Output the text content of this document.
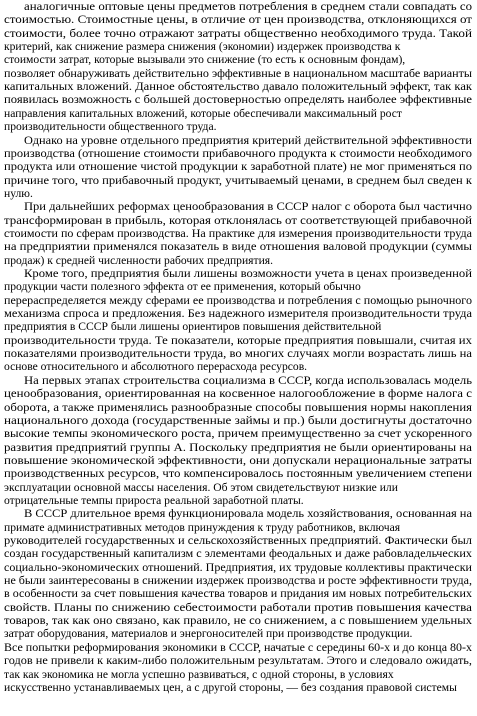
аналогичные оптовые цены предметов потребления в среднем стали совпадать со
стоимостью. Стоимостные цены, в отличие от цен производства, отклоняющихся от
стоимости, более точно отражают затраты общественно необходимого труда. Такой
критерий, как снижение размера снижения (экономии) издержек производства к
стоимости затрат, которые вызывали это снижение (то есть к основным фондам),
позволяет обнаруживать действительно эффективные в национальном масштабе варианты
капитальных вложений. Данное обстоятельство давало положительный эффект, так как
появилась возможность с большей достоверностью определять наиболее эффективные
направления капитальных вложений, которые обеспечивали максимальный рост
производительности общественного труда.
Однако на уровне отдельного предприятия критерий действительной эффективности
производства (отношение стоимости прибавочного продукта к стоимости необходимого
продукта или отношение чистой продукции к заработной плате) не мог применяться по
причине того, что прибавочный продукт, учитываемый ценами, в среднем был сведен к
нулю.
При дальнейших реформах ценообразования в СССР налог с оборота был частично
трансформирован в прибыль, которая отклонялась от соответствующей прибавочной
стоимости по сферам производства. На практике для измерения производительности труда
на предприятии применялся показатель в виде отношения валовой продукции (суммы
продаж) к средней численности рабочих предприятия.
Кроме того, предприятия были лишены возможности учета в ценах произведенной
продукции части полезного эффекта от ее применения, который обычно
перераспределяется между сферами ее производства и потребления с помощью рыночного
механизма спроса и предложения. Без надежного измерителя производительности труда
предприятия в СССР были лишены ориентиров повышения действительной
производительности труда. Те показатели, которые предприятия повышали, считая их
показателями производительности труда, во многих случаях могли возрастать лишь на
основе относительного и абсолютного перерасхода ресурсов.
На первых этапах строительства социализма в СССР, когда использовалась модель
ценообразования, ориентированная на косвенное налогообложение в форме налога с
оборота, а также применялись разнообразные способы повышения нормы накопления
национального дохода (государственные займы и пр.) были достигнуты достаточно
высокие темпы экономического роста, причем преимущественно за счет ускоренного
развития предприятий группы А. Поскольку предприятия не были ориентированы на
повышение экономической эффективности, они допускали нерациональные затраты
производственных ресурсов, что компенсировалось постоянным увеличением степени
эксплуатации основной массы населения. Об этом свидетельствуют низкие или
отрицательные темпы прироста реальной заработной платы.
В СССР длительное время функционировала модель хозяйствования, основанная на
примате административных методов принуждения к труду работников, включая
руководителей государственных и сельскохозяйственных предприятий. Фактически был
создан государственный капитализм с элементами феодальных и даже рабовладельческих
социально-экономических отношений. Предприятия, их трудовые коллективы практически
не были заинтересованы в снижении издержек производства и росте эффективности труда,
в особенности за счет повышения качества товаров и придания им новых потребительских
свойств. Планы по снижению себестоимости работали против повышения качества
товаров, так как оно связано, как правило, не со снижением, а с повышением удельных
затрат оборудования, материалов и энергоносителей при производстве продукции.
Все попытки реформирования экономики в СССР, начатые с середины 60-х и до конца 80-х
годов не привели к каким-либо положительным результатам. Этого и следовало ожидать,
так как экономика не могла успешно развиваться, с одной стороны, в условиях
искусственно устанавливаемых цен, а с другой стороны, — без создания правовой системы
